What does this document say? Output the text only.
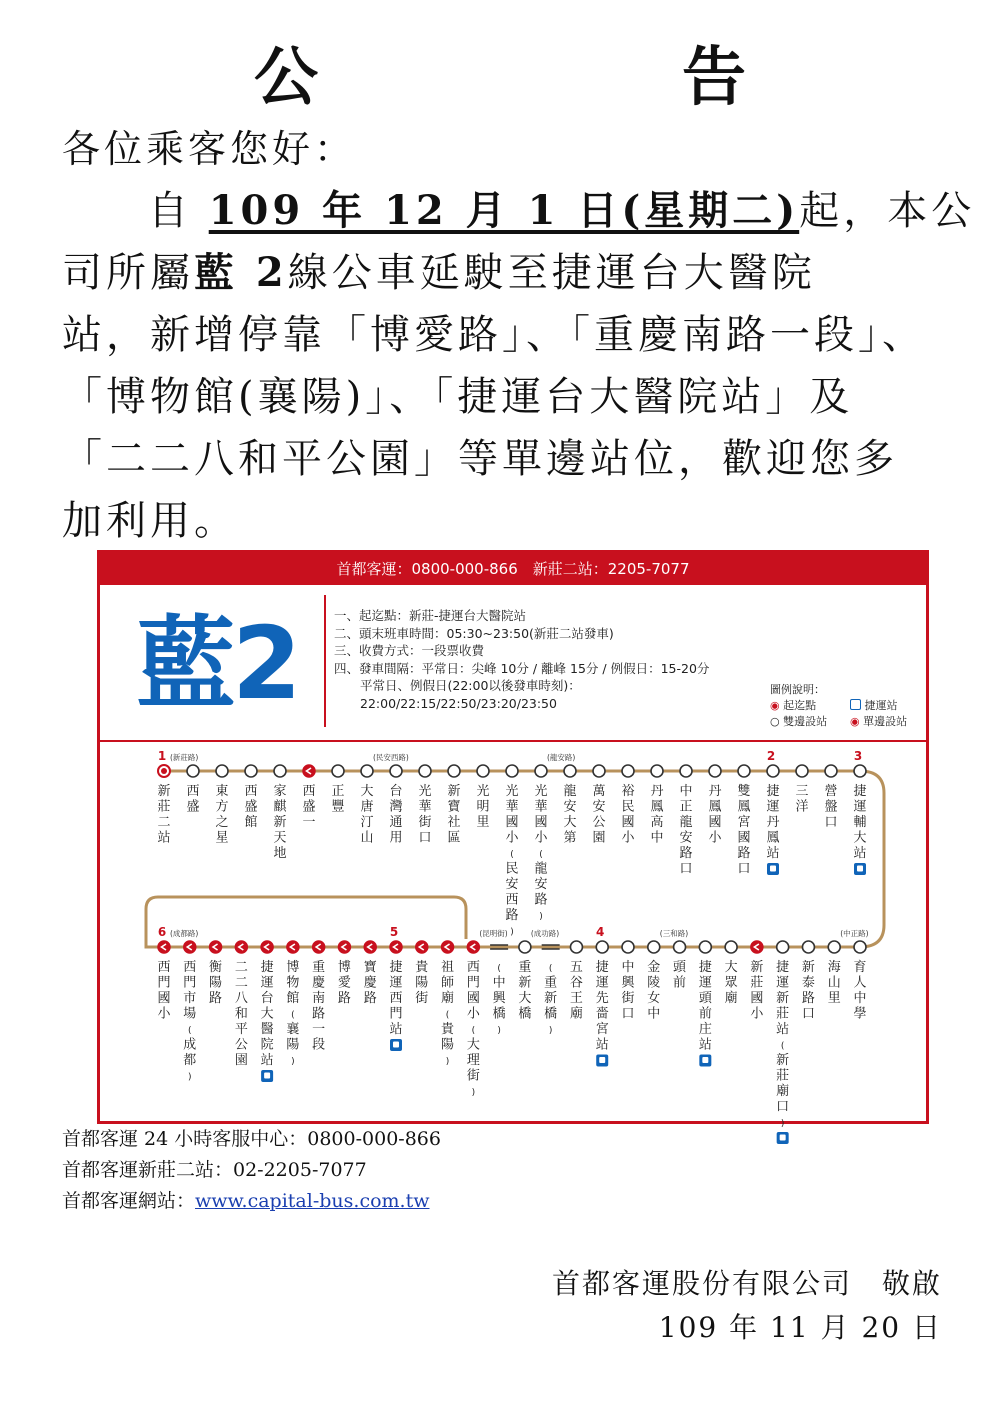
公　告
各位乘客您好：
自 109 年 12 月 1 日(星期二)起，本公
司所屬藍 2線公車延駛至捷運台大醫院
站，新增停靠「博愛路」、「重慶南路一段」、
「博物館(襄陽)」、「捷運台大醫院站」及
「二二八和平公園」等單邊站位，歡迎您多
加利用。
首都客運：0800-000-866　新莊二站：2205-7077
藍2	一、起迄點：新莊-捷運台大醫院站
二、頭末班車時間：05:30~23:50(新莊二站發車)
三、收費方式：一段票收費
四、發車間隔：平常日：尖峰 10分 / 離峰 15分 / 例假日：15-20分
平常日、例假日(22:00以後發車時刻)：
22:00/22:15/22:50/23:20/23:50
圖例說明：
◉ 起迄點	捷運站
○ 雙邊設站 ◉ 單邊設站
1 (新莊路)
新莊二站
西盛
東方之星
西盛館
家麒新天地
西盛一
正豐
(民安西路)
大唐汀山
台灣通用
光華街口
新寶社區
光明里
光華國小(民安西路)
(龍安路)
光華國小(龍安路)
龍安大第
萬安公園
裕民國小
丹鳳高中
中正龍安路口
丹鳳國小
雙鳳宮國路口
2
捷運丹鳳站
三洋
營盤口
3
捷運輔大站
6 (成都路)
西門國小
西門市場(成都)
衡陽路
二二八和平公園
捷運台大醫院站
博物館(襄陽)
重慶南路一段
博愛路
寶慶路
5
捷運西門站
貴陽街
祖師廟(貴陽)
(昆明街)
西門國小(大理街)
(中興橋)
(成功路)
重新大橋
(重新橋)
五谷王廟
4
捷運先嗇宮站
中興街口
(三和路)
金陵女中
頭前
捷運頭前庄站
大眾廟
新莊國小
捷運新莊站(新莊廟口)
新泰路口
(中正路)
海山里
育人中學
首都客運 24 小時客服中心：0800-000-866
首都客運新莊二站：02-2205-7077
首都客運網站：www.capital-bus.com.tw
首都客運股份有限公司　敬啟
109 年 11 月 20 日
